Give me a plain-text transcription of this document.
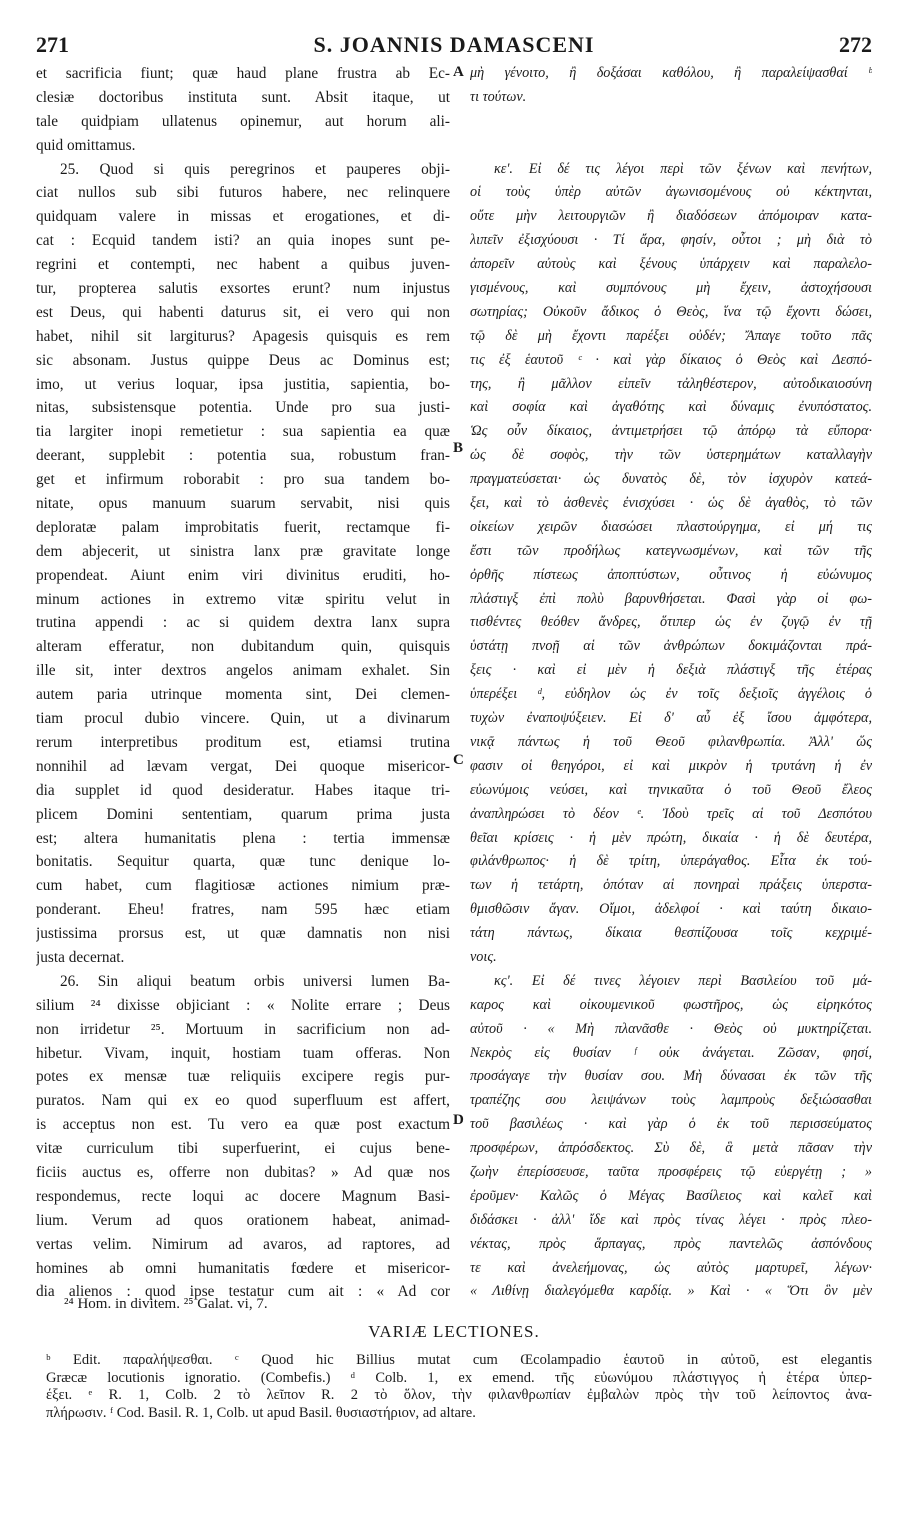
271	S. JOANNIS DAMASCENI	272
et sacrificia fiunt; quæ haud plane frustra ab Ec-
clesiæ doctoribus instituta sunt. Absit itaque, ut
tale quidpiam ullatenus opinemur, aut horum ali-
quid omittamus.
25. Quod si quis peregrinos et pauperes obji-
ciat nullos sub sibi futuros habere, nec relinquere
quidquam valere in missas et erogationes, et di-
cat : Ecquid tandem isti? an quia inopes sunt pe-
regrini et contempti, nec habent a quibus juven-
tur, propterea salutis exsortes erunt? num injustus
est Deus, qui habenti daturus sit, ei vero qui non
habet, nihil sit largiturus? Apagesis quisquis es rem
sic absonam. Justus quippe Deus ac Dominus est;
imo, ut verius loquar, ipsa justitia, sapientia, bo-
nitas, subsistensque potentia. Unde pro sua justi-
tia largiter inopi remetietur : sua sapientia ea quæ
deerant, supplebit : potentia sua, robustum fran-
get et infirmum roborabit : pro sua tandem bo-
nitate, opus manuum suarum servabit, nisi quis
deploratæ palam improbitatis fuerit, rectamque fi-
dem abjecerit, ut sinistra lanx præ gravitate longe
propendeat. Aiunt enim viri divinitus eruditi, ho-
minum actiones in extremo vitæ spiritu velut in
trutina appendi : ac si quidem dextra lanx supra
alteram efferatur, non dubitandum quin, quisquis
ille sit, inter dextros angelos animam exhalet. Sin
autem paria utrinque momenta sint, Dei clemen-
tiam procul dubio vincere. Quin, ut a divinarum
rerum interpretibus proditum est, etiamsi trutina
nonnihil ad lævam vergat, Dei quoque misericor-
dia supplet id quod desideratur. Habes itaque tri-
plicem Domini sententiam, quarum prima justa
est; altera humanitatis plena : tertia immensæ
bonitatis. Sequitur quarta, quæ tunc denique lo-
cum habet, cum flagitiosæ actiones nimium præ-
ponderant. Eheu! fratres, nam 595 hæc etiam
justissima prorsus est, ut quæ damnatis non nisi
justa decernat.
26. Sin aliqui beatum orbis universi lumen Ba-
silium ²⁴ dixisse objiciant : « Nolite errare ; Deus
non irridetur ²⁵. Mortuum in sacrificium non ad-
hibetur. Vivam, inquit, hostiam tuam offeras. Non
potes ex mensæ tuæ reliquiis excipere regis pur-
puratos. Nam qui ex eo quod superfluum est affert,
is acceptus non est. Tu vero ea quæ post exactum
vitæ curriculum tibi superfuerint, ei cujus bene-
ficiis auctus es, offerre non dubitas? » Ad quæ nos
respondemus, recte loqui ac docere Magnum Basi-
lium. Verum ad quos orationem habeat, animad-
vertas velim. Nimirum ad avaros, ad raptores, ad
homines ab omni humanitatis fœdere et misericor-
dia alienos : quod ipse testatur cum ait : « Ad cor
μὴ γένοιτο, ἢ δοξάσαι καθόλου, ἢ παραλείψασθαί ᵇ
τι τούτων.
κε'. Εἰ δέ τις λέγοι περὶ τῶν ξένων καὶ πενήτων,
οἱ τοὺς ὑπὲρ αὐτῶν ἀγωνισομένους οὐ κέκτηνται,
οὔτε μὴν λειτουργιῶν ἢ διαδόσεων ἀπόμοιραν κατα-
λιπεῖν ἐξισχύουσι · Τί ἄρα, φησίν, οὗτοι ; μὴ διὰ τὸ
ἀπορεῖν αὐτοὺς καὶ ξένους ὑπάρχειν καὶ παραλελο-
γισμένους, καὶ συμπόνους μὴ ἔχειν, ἀστοχήσουσι
σωτηρίας; Οὐκοῦν ἄδικος ὁ Θεὸς, ἵνα τῷ ἔχοντι δώσει,
τῷ δὲ μὴ ἔχοντι παρέξει οὐδέν; Ἄπαγε τοῦτο πᾶς
τις ἐξ ἑαυτοῦ ᶜ · καὶ γὰρ δίκαιος ὁ Θεὸς καὶ Δεσπό-
της, ἢ μᾶλλον εἰπεῖν τἀληθέστερον, αὐτοδικαιοσύνη
καὶ σοφία καὶ ἀγαθότης καὶ δύναμις ἐνυπόστατος.
Ὡς οὖν δίκαιος, ἀντιμετρήσει τῷ ἀπόρῳ τὰ εὔπορα·
ὡς δὲ σοφὸς, τὴν τῶν ὑστερημάτων καταλλαγὴν
πραγματεύσεται· ὡς δυνατὸς δὲ, τὸν ἰσχυρὸν κατεά-
ξει, καὶ τὸ ἀσθενὲς ἐνισχύσει · ὡς δὲ ἀγαθὸς, τὸ τῶν
οἰκείων χειρῶν διασώσει πλαστούργημα, εἰ μή τις
ἔστι τῶν προδήλως κατεγνωσμένων, καὶ τῶν τῆς
ὀρθῆς πίστεως ἀποπτύστων, οὗτινος ἡ εὐώνυμος
πλάστιγξ ἐπὶ πολὺ βαρυνθήσεται. Φασὶ γὰρ οἱ φω-
τισθέντες θεόθεν ἄνδρες, ὅτιπερ ὡς ἐν ζυγῷ ἐν τῇ
ὑστάτῃ πνοῇ αἱ τῶν ἀνθρώπων δοκιμάζονται πρά-
ξεις · καὶ εἰ μὲν ἡ δεξιὰ πλάστιγξ τῆς ἑτέρας
ὑπερέξει ᵈ, εὐδηλον ὡς ἐν τοῖς δεξιοῖς ἀγγέλοις ὁ
τυχὼν ἐναποψύξειεν. Εἰ δ' αὖ ἐξ ἴσου ἀμφότερα,
νικᾷ πάντως ἡ τοῦ Θεοῦ φιλανθρωπία. Ἀλλ' ὥς
φασιν οἱ θεηγόροι, εἰ καὶ μικρὸν ἡ τρυτάνη ἡ ἐν
εὐωνύμοις νεύσει, καὶ τηνικαῦτα ὁ τοῦ Θεοῦ ἔλεος
ἀναπληρώσει τὸ δέον ᵉ. Ἰδοὺ τρεῖς αἱ τοῦ Δεσπότου
θεῖαι κρίσεις · ἡ μὲν πρώτη, δικαία · ἡ δὲ δευτέρα,
φιλάνθρωπος· ἡ δὲ τρίτη, ὑπεράγαθος. Εἶτα ἐκ τού-
των ἡ τετάρτη, ὁπόταν αἱ πονηραὶ πράξεις ὑπερστα-
θμισθῶσιν ἄγαν. Οἴμοι, ἀδελφοί · καὶ ταύτη δικαιο-
τάτη πάντως, δίκαια θεσπίζουσα τοῖς κεχριμέ-
νοις.
κς'. Εἰ δέ τινες λέγοιεν περὶ Βασιλείου τοῦ μά-
καρος καὶ οἰκουμενικοῦ φωστῆρος, ὡς εἰρηκότος
αὐτοῦ · « Μὴ πλανᾶσθε · Θεὸς οὐ μυκτηρίζεται.
Νεκρὸς εἰς θυσίαν ᶠ οὐκ ἀνάγεται. Ζῶσαν, φησί,
προσάγαγε τὴν θυσίαν σου. Μὴ δύνασαι ἐκ τῶν τῆς
τραπέζης σου λειψάνων τοὺς λαμπροὺς δεξιώσασθαι
τοῦ βασιλέως · καὶ γὰρ ὁ ἐκ τοῦ περισσεύματος
προσφέρων, ἀπρόσδεκτος. Σὺ δὲ, ἃ μετὰ πᾶσαν τὴν
ζωὴν ἐπερίσσευσε, ταῦτα προσφέρεις τῷ εὐεργέτῃ ; »
ἐροῦμεν· Καλῶς ὁ Μέγας Βασίλειος καὶ καλεῖ καὶ
διδάσκει · ἀλλ' ἴδε καὶ πρὸς τίνας λέγει · πρὸς πλεο-
νέκτας, πρὸς ἅρπαγας, πρὸς παντελῶς ἀσπόνδους
τε καὶ ἀνελεήμονας, ὡς αὐτὸς μαρτυρεῖ, λέγων·
« Λιθίνῃ διαλεγόμεθα καρδίᾳ. » Καὶ · « Ὅτι ὃν μὲν
A
B
C
D
²⁴ Hom. in divitem. ²⁵ Galat. vi, 7.
VARIÆ LECTIONES.
ᵇ Edit. παραλήψεσθαι. ᶜ Quod hic Billius mutat cum Œcolampadio ἑαυτοῦ in αὐτοῦ, est elegantis
Græcæ locutionis ignoratio. (Combefis.) ᵈ Colb. 1, ex emend. τῆς εὐωνύμου πλάστιγγος ἡ ἑτέρα ὑπερ-
έξει. ᵉ R. 1, Colb. 2 τὸ λεῖπον R. 2 τὸ ὅλον, τὴν φιλανθρωπίαν ἐμβαλὼν πρὸς τὴν τοῦ λείποντος ἀνα-
πλήρωσιν. ᶠ Cod. Basil. R. 1, Colb. ut apud Basil. θυσιαστήριον, ad altare.
